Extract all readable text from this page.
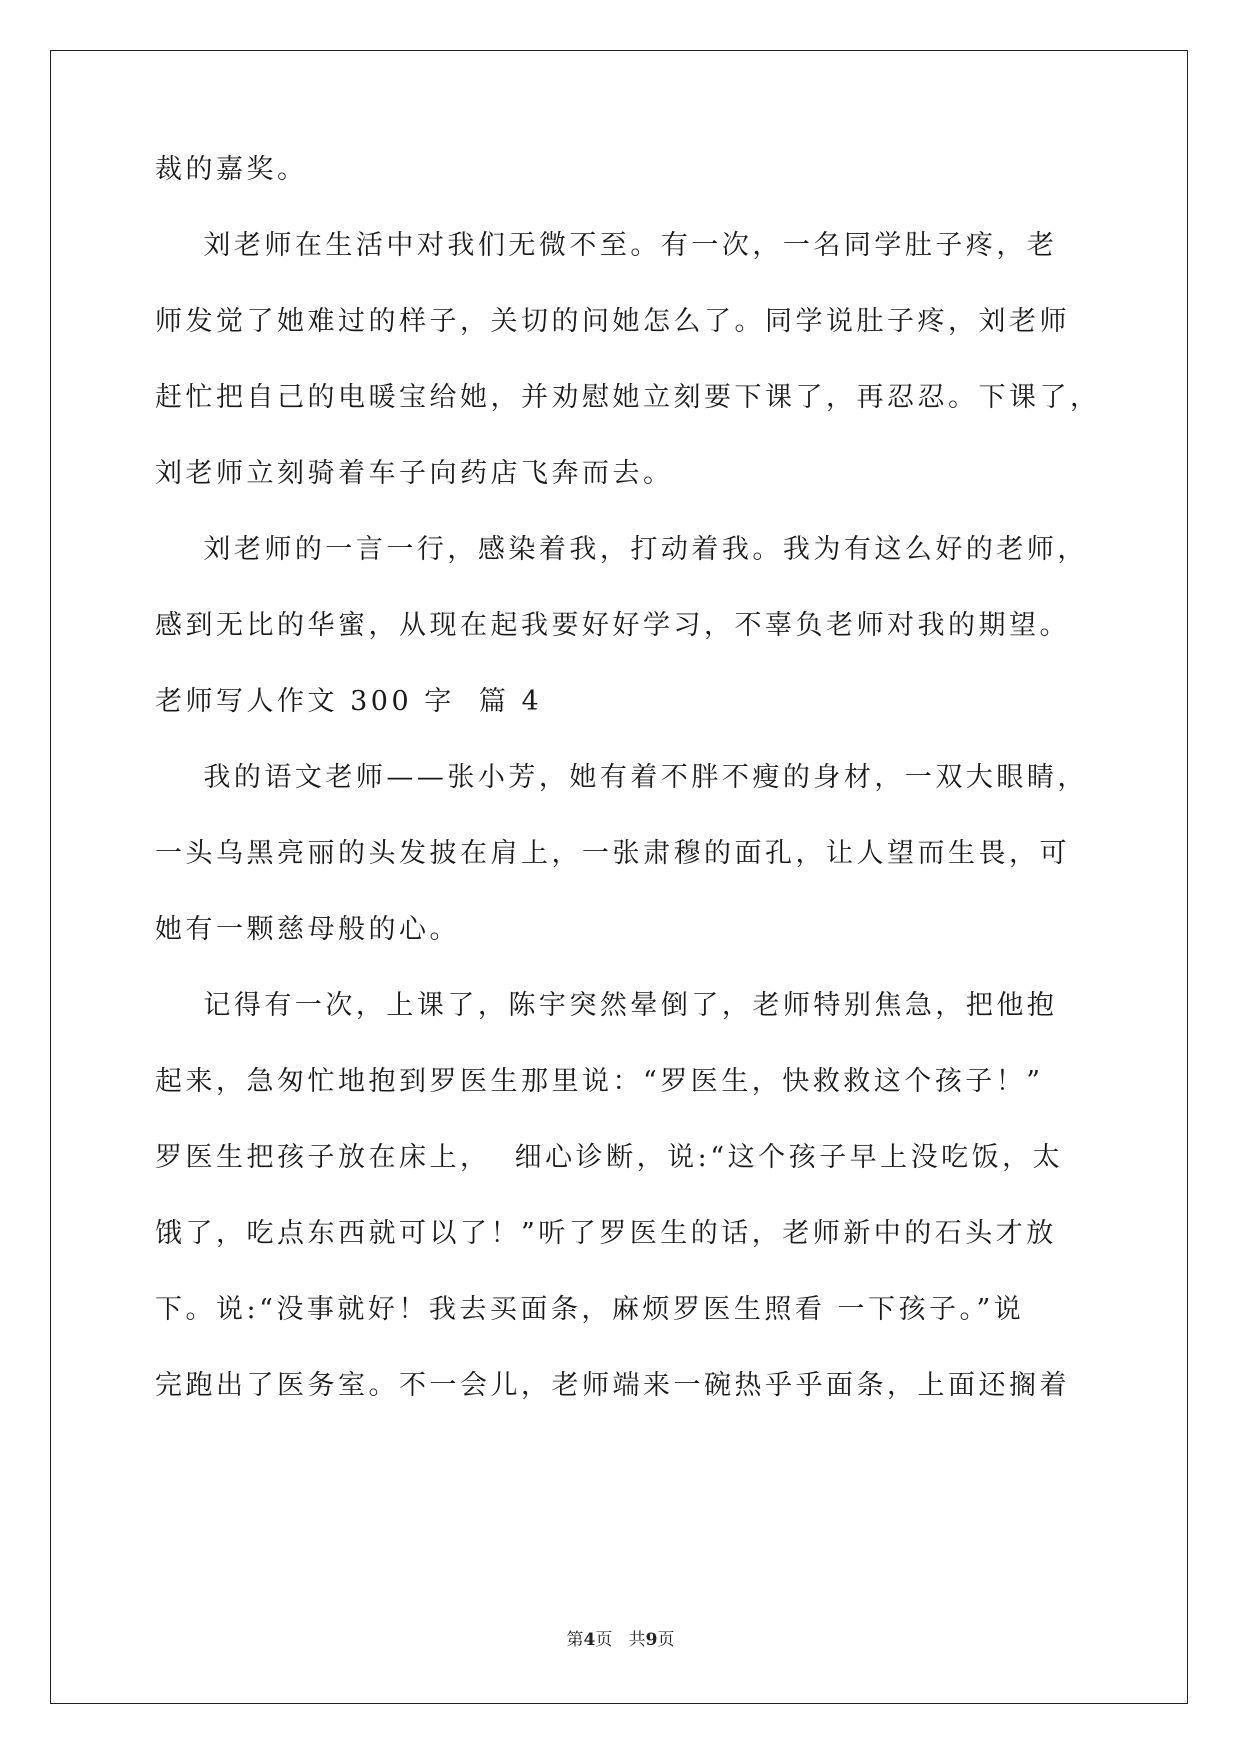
裁的嘉奖。
刘老师在生活中对我们无微不至。有一次，一名同学肚子疼，老
师发觉了她难过的样子，关切的问她怎么了。同学说肚子疼，刘老师
赶忙把自己的电暖宝给她，并劝慰她立刻要下课了，再忍忍。下课了，
刘老师立刻骑着车子向药店飞奔而去。
刘老师的一言一行，感染着我，打动着我。我为有这么好的老师，
感到无比的华蜜，从现在起我要好好学习，不辜负老师对我的期望。
老师写人作文 300 字  篇 4
我的语文老师——张小芳，她有着不胖不瘦的身材，一双大眼睛，
一头乌黑亮丽的头发披在肩上，一张肃穆的面孔，让人望而生畏，可
她有一颗慈母般的心。
记得有一次，上课了，陈宇突然晕倒了，老师特别焦急，把他抱
起来，急匆忙地抱到罗医生那里说：“罗医生，快救救这个孩子！”
罗医生把孩子放在床上，  细心诊断，说:“这个孩子早上没吃饭，太
饿了，吃点东西就可以了！”听了罗医生的话，老师新中的石头才放
下。说:“没事就好！我去买面条，麻烦罗医生照看 一下孩子。”说
完跑出了医务室。不一会儿，老师端来一碗热乎乎面条，上面还搁着
第4页   共9页
